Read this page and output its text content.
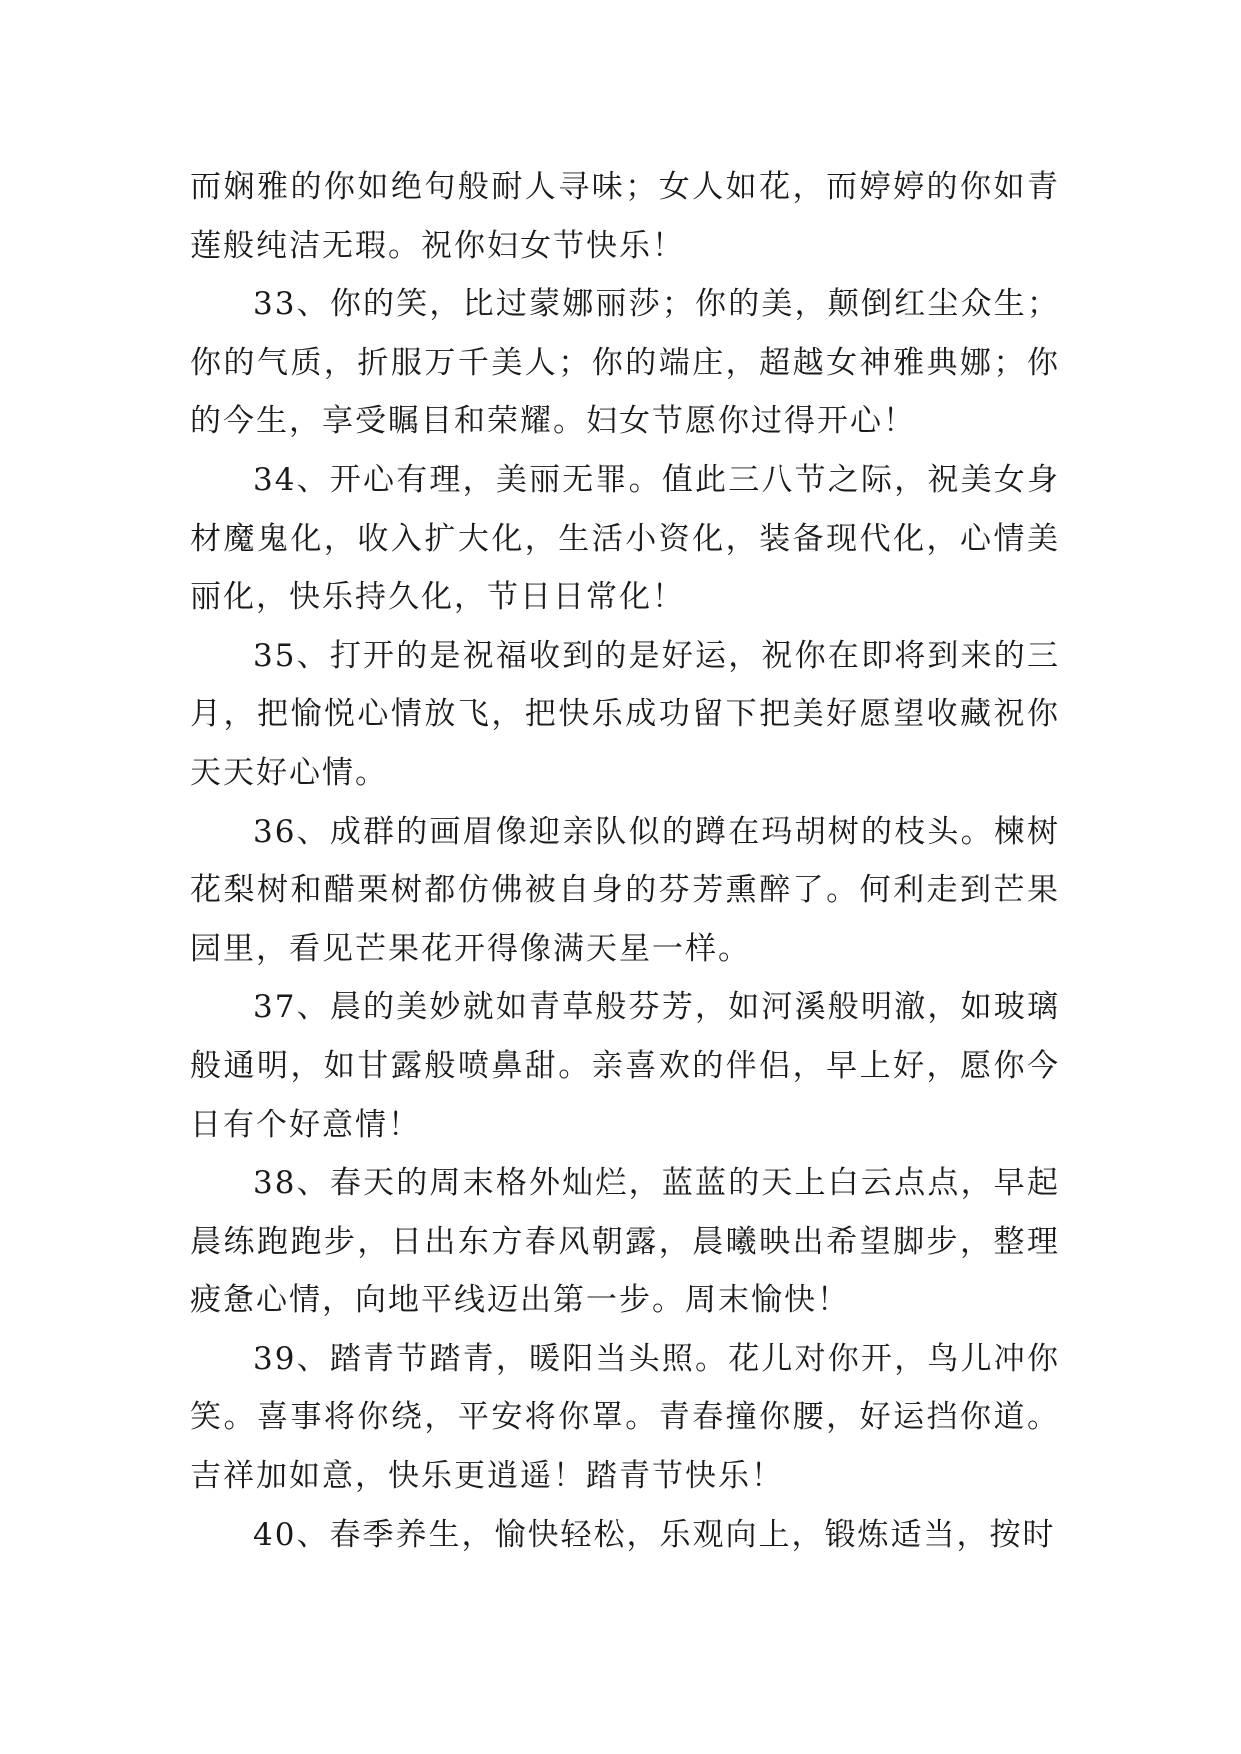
而娴雅的你如绝句般耐人寻味；女人如花，而婷婷的你如青莲般纯洁无瑕。祝你妇女节快乐！

33、你的笑，比过蒙娜丽莎；你的美，颠倒红尘众生；你的气质，折服万千美人；你的端庄，超越女神雅典娜；你的今生，享受瞩目和荣耀。妇女节愿你过得开心！

34、开心有理，美丽无罪。值此三八节之际，祝美女身材魔鬼化，收入扩大化，生活小资化，装备现代化，心情美丽化，快乐持久化，节日日常化！

35、打开的是祝福收到的是好运，祝你在即将到来的三月，把愉悦心情放飞，把快乐成功留下把美好愿望收藏祝你天天好心情。

36、成群的画眉像迎亲队似的蹲在玛胡树的枝头。楝树花梨树和醋栗树都仿佛被自身的芬芳熏醉了。何利走到芒果园里，看见芒果花开得像满天星一样。

37、晨的美妙就如青草般芬芳，如河溪般明澈，如玻璃般通明，如甘露般喷鼻甜。亲喜欢的伴侣，早上好，愿你今日有个好意情！

38、春天的周末格外灿烂，蓝蓝的天上白云点点，早起晨练跑跑步，日出东方春风朝露，晨曦映出希望脚步，整理疲惫心情，向地平线迈出第一步。周末愉快！

39、踏青节踏青，暖阳当头照。花儿对你开，鸟儿冲你笑。喜事将你绕，平安将你罩。青春撞你腰，好运挡你道。吉祥加如意，快乐更逍遥！踏青节快乐！

40、春季养生，愉快轻松，乐观向上，锻炼适当，按时
